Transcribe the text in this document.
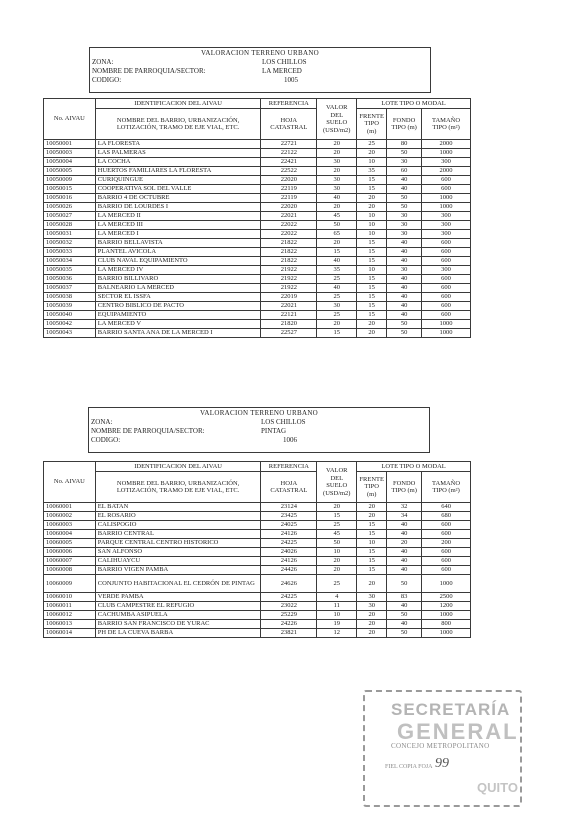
VALORACION TERRENO URBANO
ZONA:	LOS CHILLOS
NOMBRE DE PARROQUIA/SECTOR:	LA MERCED
CODIGO:	1005
No. AIVAU	IDENTIFICACION DEL AIVAU	REFERENCIA	VALOR DEL SUELO (USD/m2)	LOTE TIPO O MODAL		
	NOMBRE DEL BARRIO, URBANIZACIÓN, LOTIZACIÓN, TRAMO DE EJE VIAL, ETC.	HOJA CATASTRAL		FRENTE TIPO (m)	FONDO TIPO (m)	TAMAÑO TIPO (m²)
10050001	LA FLORESTA	22721	20	25	80	2000
10050003	LAS PALMERAS	22122	20	20	50	1000
10050004	LA COCHA	22421	30	10	30	300
10050005	HUERTOS FAMILIARES LA FLORESTA	22522	20	35	60	2000
10050009	CURIQUINGUE	22020	30	15	40	600
10050015	COOPERATIVA SOL DEL VALLE	22119	30	15	40	600
10050016	BARRIO 4 DE OCTUBRE	22119	40	20	50	1000
10050026	BARRIO DE LOURDES I	22020	20	20	50	1000
10050027	LA MERCED II	22021	45	10	30	300
10050028	LA MERCED III	22022	50	10	30	300
10050031	LA MERCED I	22022	65	10	30	300
10050032	BARRIO BELLAVISTA	21822	20	15	40	600
10050033	PLANTEL AVICOLA	21822	15	15	40	600
10050034	CLUB NAVAL EQUIPAMIENTO	21822	40	15	40	600
10050035	LA MERCED IV	21922	35	10	30	300
10050036	BARRIO BILLIVARO	21922	25	15	40	600
10050037	BALNEARIO LA MERCED	21922	40	15	40	600
10050038	SECTOR EL ISSFA	22019	25	15	40	600
10050039	CENTRO BIBLICO DE PACTO	22021	30	15	40	600
10050040	EQUIPAMIENTO	22121	25	15	40	600
10050042	LA MERCED V	21820	20	20	50	1000
10050043	BARRIO SANTA ANA DE LA MERCED I	22527	15	20	50	1000
VALORACION TERRENO URBANO
ZONA:	LOS CHILLOS
NOMBRE DE PARROQUIA/SECTOR:	PINTAG
CODIGO:	1006
No. AIVAU	IDENTIFICACION DEL AIVAU	REFERENCIA	VALOR DEL SUELO (USD/m2)	LOTE TIPO O MODAL		
	NOMBRE DEL BARRIO, URBANIZACIÓN, LOTIZACIÓN, TRAMO DE EJE VIAL, ETC.	HOJA CATASTRAL		FRENTE TIPO (m)	FONDO TIPO (m)	TAMAÑO TIPO (m²)
10060001	EL BATAN	23124	20	20	32	640
10060002	EL ROSARIO	23425	15	20	34	680
10060003	CALISPOGIO	24025	25	15	40	600
10060004	BARRIO CENTRAL	24126	45	15	40	600
10060005	PARQUE CENTRAL CENTRO HISTORICO	24225	50	10	20	200
10060006	SAN ALFONSO	24026	10	15	40	600
10060007	CALIHUAYCU	24126	20	15	40	600
10060008	BARRIO VIGEN PAMBA	24426	20	15	40	600
10060009	CONJUNTO HABITACIONAL EL CEDRÓN DE PINTAG	24626	25	20	50	1000
10060010	VERDE PAMBA	24225	4	30	83	2500
10060011	CLUB CAMPESTRE EL REFUGIO	23022	11	30	40	1200
10060012	CACHUMBA ASIPUELA	25229	10	20	50	1000
10060013	BARRIO SAN FRANCISCO DE YURAC	24226	19	20	40	800
10060014	PH DE LA CUEVA BARBA	23821	12	20	50	1000
SECRETARÍA
GENERAL
CONCEJO METROPOLITANO
FIEL COPIA FOJA 99
QUITO
